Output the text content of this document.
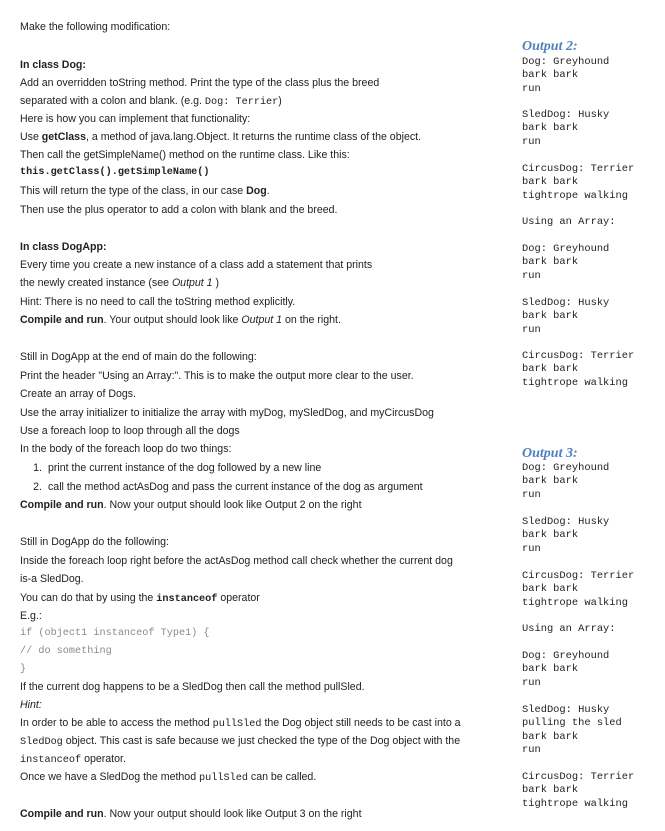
Make the following modification:
In class Dog:
Add an overridden toString method. Print the type of the class plus the breed
separated with a colon and blank. (e.g. Dog: Terrier)
Here is how you can implement that functionality:
Use getClass, a method of java.lang.Object. It returns the runtime class of the object.
Then call the getSimpleName() method on the runtime class. Like this:
this.getClass().getSimpleName()
This will return the type of the class, in our case Dog.
Then use the plus operator to add a colon with blank and the breed.
In class DogApp:
Every time you create a new instance of a class add a statement that prints
the newly created instance (see Output 1 )
Hint: There is no need to call the toString method explicitly.
Compile and run. Your output should look like Output 1 on the right.
Still in DogApp at the end of main do the following:
Print the header "Using an Array:". This is to make the output more clear to the user.
Create an array of Dogs.
Use the array initializer to initialize the array with myDog, mySledDog, and myCircusDog
Use a foreach loop to loop through all the dogs
In the body of the foreach loop do two things:
1. print the current instance of the dog followed by a new line
2. call the method actAsDog and pass the current instance of the dog as argument
Compile and run. Now your output should look like Output 2 on the right
Still in DogApp do the following:
Inside the foreach loop right before the actAsDog method call check whether the current dog
is-a SledDog.
You can do that by using the instanceof operator
E.g.:
if (object1 instanceof Type1) {
// do something
}
If the current dog happens to be a SledDog then call the method pullSled.
Hint:
In order to be able to access the method pullSled the Dog object still needs to be cast into a
SledDog object. This cast is safe because we just checked the type of the Dog object with the
instanceof operator.
Once we have a SledDog the method pullSled can be called.
Compile and run. Now your output should look like Output 3 on the right
Output 2:
Dog: Greyhound
bark bark
run
SledDog: Husky
bark bark
run
CircusDog: Terrier
bark bark
tightrope walking
Using an Array:
Dog: Greyhound
bark bark
run
SledDog: Husky
bark bark
run
CircusDog: Terrier
bark bark
tightrope walking
Output 3:
Dog: Greyhound
bark bark
run
SledDog: Husky
bark bark
run
CircusDog: Terrier
bark bark
tightrope walking
Using an Array:
Dog: Greyhound
bark bark
run
SledDog: Husky
pulling the sled
bark bark
run
CircusDog: Terrier
bark bark
tightrope walking
